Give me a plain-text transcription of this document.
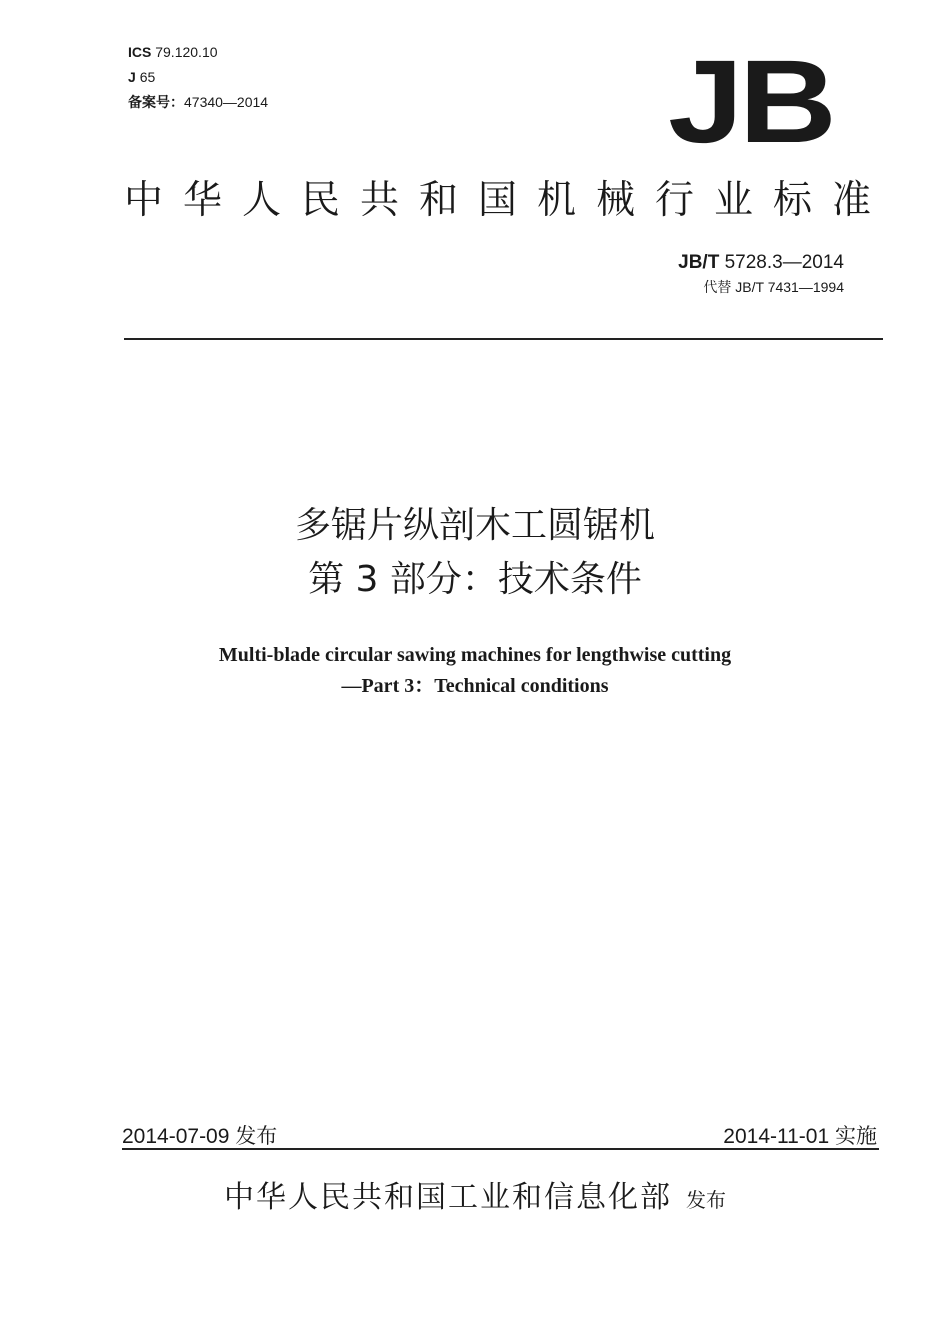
ICS 79.120.10
J 65
备案号：47340—2014	JB
中华人民共和国机械行业标准
JB/T 5728.3—2014
代替 JB/T 7431—1994
多锯片纵剖木工圆锯机
第 3 部分：技术条件
Multi-blade circular sawing machines for lengthwise cutting
—Part 3：Technical conditions
2014-07-09 发布	2014-11-01 实施
中华人民共和国工业和信息化部 发布
